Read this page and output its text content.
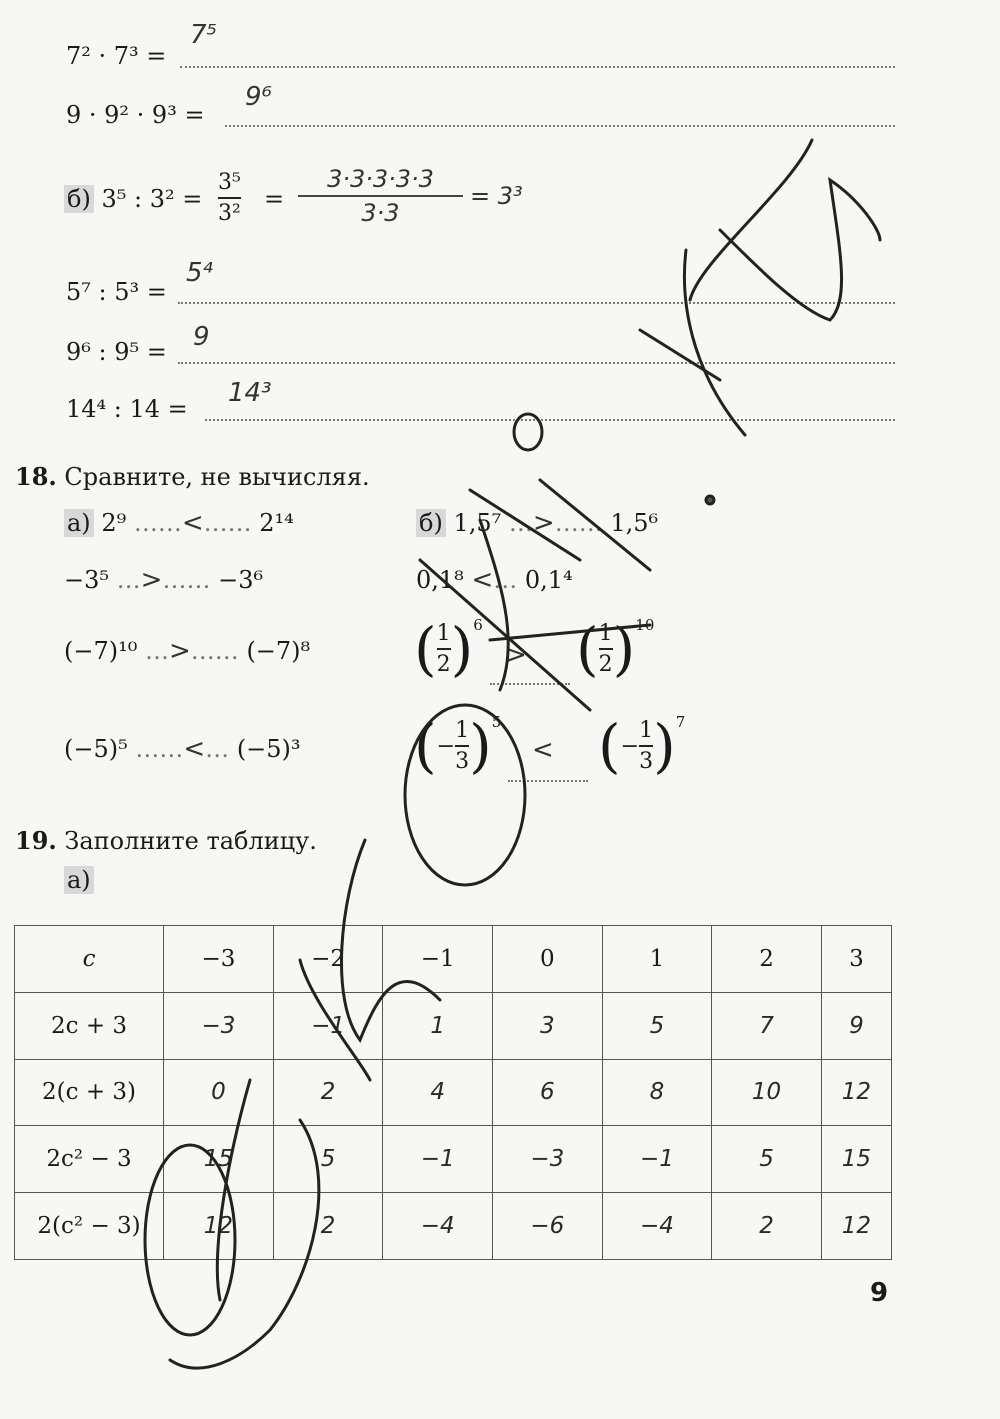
7² · 7³ =
7⁵
9 · 9² · 9³ =
9⁶
б) 3⁵ : 3² =
3⁵
3²
=
3·3·3·3·3
3·3
= 3³
5⁷ : 5³ =
5⁴
9⁶ : 9⁵ = 9
14⁴ : 14 =
14³
18. Сравните, не вычисляя.
а) 2⁹ ……<…… 2¹⁴
−3⁵ …>…… −3⁶
(−7)¹⁰ …>…… (−7)⁸
(−5)⁵ ……<… (−5)³
б) 1,5⁷ …>…… 1,5⁶
0,1⁸ <… 0,1⁴
( $\frac{1}{2}$ ) 6
> ( $\frac{1}{2}$ ) 10
( − $\frac{1}{3}$ ) 5
< ( − $\frac{1}{3}$ ) 7
19. Заполните таблицу.
а)
c	−3	−2	−1	0	1	2	3
2c + 3	−3	−1	1	3	5	7	9
2(c + 3)	0	2	4	6	8	10	12
2c² − 3	15	5	−1	−3	−1	5	15
2(c² − 3)	12	2	−4	−6	−4	2	12
9
